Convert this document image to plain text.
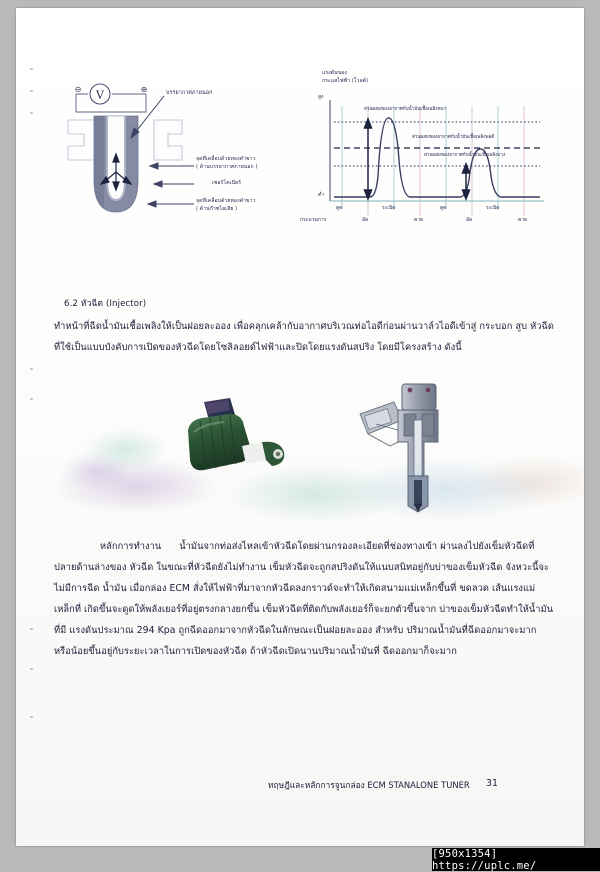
V
⊖	⊕	บรรยากาศภายนอก
จุดที่เคลือบด้วยทองคำขาว
( ด้านบรรยากาศภายนอก )
เซอร์โคเนียร์
จุดที่เคลือบด้วยทองคำขาว
( ด้านก๊าซไอเสีย )
แรงดันของ
กระแสไฟฟ้า (โวลต์)
สูง
ต่ำ
ส่วนผสมของอากาศกับน้ำมันเชื้อเพลิงหนา
ส่วนผสมของอากาศกับน้ำมันเชื้อเพลิงพอดี
ส่วนผสมของอากาศกับน้ำมันเชื้อเพลิงบาง
กระบวนการ
ดูด
อัด
ระเบิด
คาย
ดูด
อัด
ระเบิด
คาย
6.2 หัวฉีด (Injector)
ทำหน้าที่ฉีดน้ำมันเชื้อเพลิงให้เป็นฝอยละออง เพื่อคลุกเคล้ากับอากาศบริเวณท่อไอดีก่อนผ่านวาล์วไอดีเข้าสู่ กระบอก สูบ หัวฉีดที่ใช้เป็นแบบบังคับการเปิดของหัวฉีดโดยโซลิลอยด์ไฟฟ้าและปิดโดยแรงดันสปริง โดยมีโครงสร้าง ดังนี้
หลักการทำงาน น้ำมันจากท่อส่งไหลเข้าหัวฉีดโดยผ่านกรองละเอียดที่ช่องทางเข้า ผ่านลงไปยังเข็มหัวฉีดที่ ปลายด้านล่างของ หัวฉีด ในขณะที่หัวฉีดยังไม่ทำงาน เข็มหัวฉีดจะถูกสปริงดันให้แนบสนิทอยู่กับบ่าของเข็มหัวฉีด จังหวะนี้จะไม่มีการฉีด น้ำมัน เมื่อกล่อง ECM สั่งให้ไฟฟ้าที่มาจากหัวฉีดลงกราวด์จะทำให้เกิดสนามแม่เหล็กขึ้นที่ ขดลวด เส้นแรงแม่เหล็กที่ เกิดขึ้นจะดูดให้พลังเยอร์ที่อยู่ตรงกลางยกขึ้น เข็มหัวฉีดที่ติดกับพลังเยอร์ก็จะยกตัวขึ้นจาก บ่าของเข็มหัวฉีดทำให้น้ำมันที่มี แรงดันประมาณ 294 Kpa ถูกฉีดออกมาจากหัวฉีดในลักษณะเป็นฝอยละออง สำหรับ ปริมาณน้ำมันที่ฉีดออกมาจะมาก หรือน้อยขึ้นอยู่กับระยะเวลาในการเปิดของหัวฉีด ถ้าหัวฉีดเปิดนานปริมาณน้ำมันที่ ฉีดออกมาก็จะมาก
ทฤษฎีและหลักการจูนกล่อง ECM STANALONE TUNER 31
[950x1354] https://uplc.me/
